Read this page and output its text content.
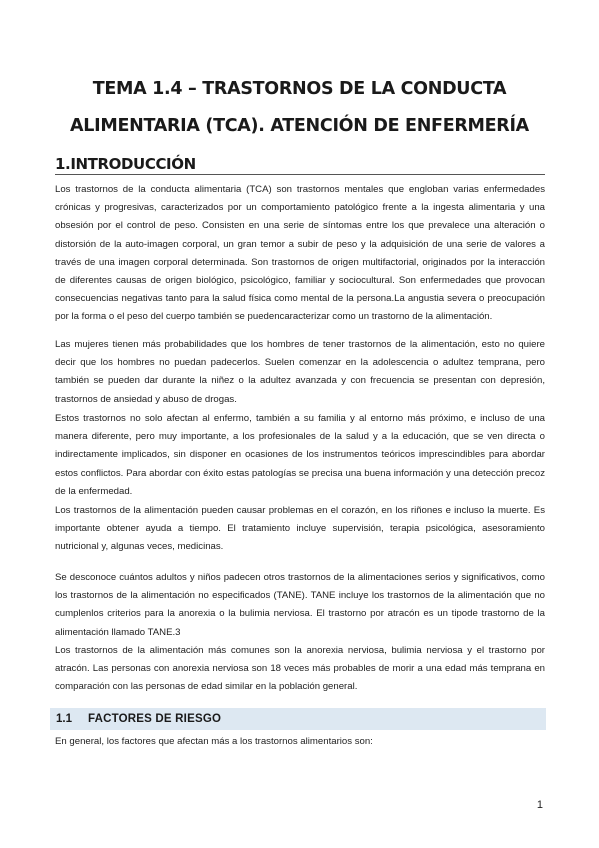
TEMA 1.4 – TRASTORNOS DE LA CONDUCTA
ALIMENTARIA (TCA). ATENCIÓN DE ENFERMERÍA
1.INTRODUCCIÓN

Los trastornos de la conducta alimentaria (TCA) son trastornos mentales que engloban varias enfermedades crónicas y progresivas, caracterizados por un comportamiento patológico frente a la ingesta alimentaria y una obsesión por el control de peso. Consisten en una serie de síntomas entre los que prevalece una alteración o distorsión de la auto-imagen corporal, un gran temor a subir de peso y la adquisición de una serie de valores a través de una imagen corporal determinada. Son trastornos de origen multifactorial, originados por la interacción de diferentes causas de origen biológico, psicológico, familiar y sociocultural. Son enfermedades que provocan consecuencias negativas tanto para la salud física como mental de la persona.La angustia severa o preocupación por la forma o el peso del cuerpo también se puedencaracterizar como un trastorno de la alimentación.

Las mujeres tienen más probabilidades que los hombres de tener trastornos de la alimentación, esto no quiere decir que los hombres no puedan padecerlos. Suelen comenzar en la adolescencia o adultez temprana, pero también se pueden dar durante la niñez o la adultez avanzada y con frecuencia se presentan con depresión, trastornos de ansiedad y abuso de drogas.

Estos trastornos no solo afectan al enfermo, también a su familia y al entorno más próximo, e incluso de una manera diferente, pero muy importante, a los profesionales de la salud y a la educación, que se ven directa o indirectamente implicados, sin disponer en ocasiones de los instrumentos teóricos imprescindibles para abordar estos conflictos. Para abordar con éxito estas patologías se precisa una buena información y una detección precoz de la enfermedad.

Los trastornos de la alimentación pueden causar problemas en el corazón, en los riñones e incluso la muerte. Es importante obtener ayuda a tiempo. El tratamiento incluye supervisión, terapia psicológica, asesoramiento nutricional y, algunas veces, medicinas.

Se desconoce cuántos adultos y niños padecen otros trastornos de la alimentaciones serios y significativos, como los trastornos de la alimentación no especificados (TANE). TANE incluye los trastornos de la alimentación que no cumplenlos criterios para la anorexia o la bulimia nerviosa. El trastorno por atracón es un tipode trastorno de la alimentación llamado TANE.3

Los trastornos de la alimentación más comunes son la anorexia nerviosa, bulimia nerviosa y el trastorno por atracón. Las personas con anorexia nerviosa son 18 veces más probables de morir a una edad más temprana en comparación con las personas de edad similar en la población general.

1.1	FACTORES DE RIESGO
En general, los factores que afectan más a los trastornos alimentarios son:
1
